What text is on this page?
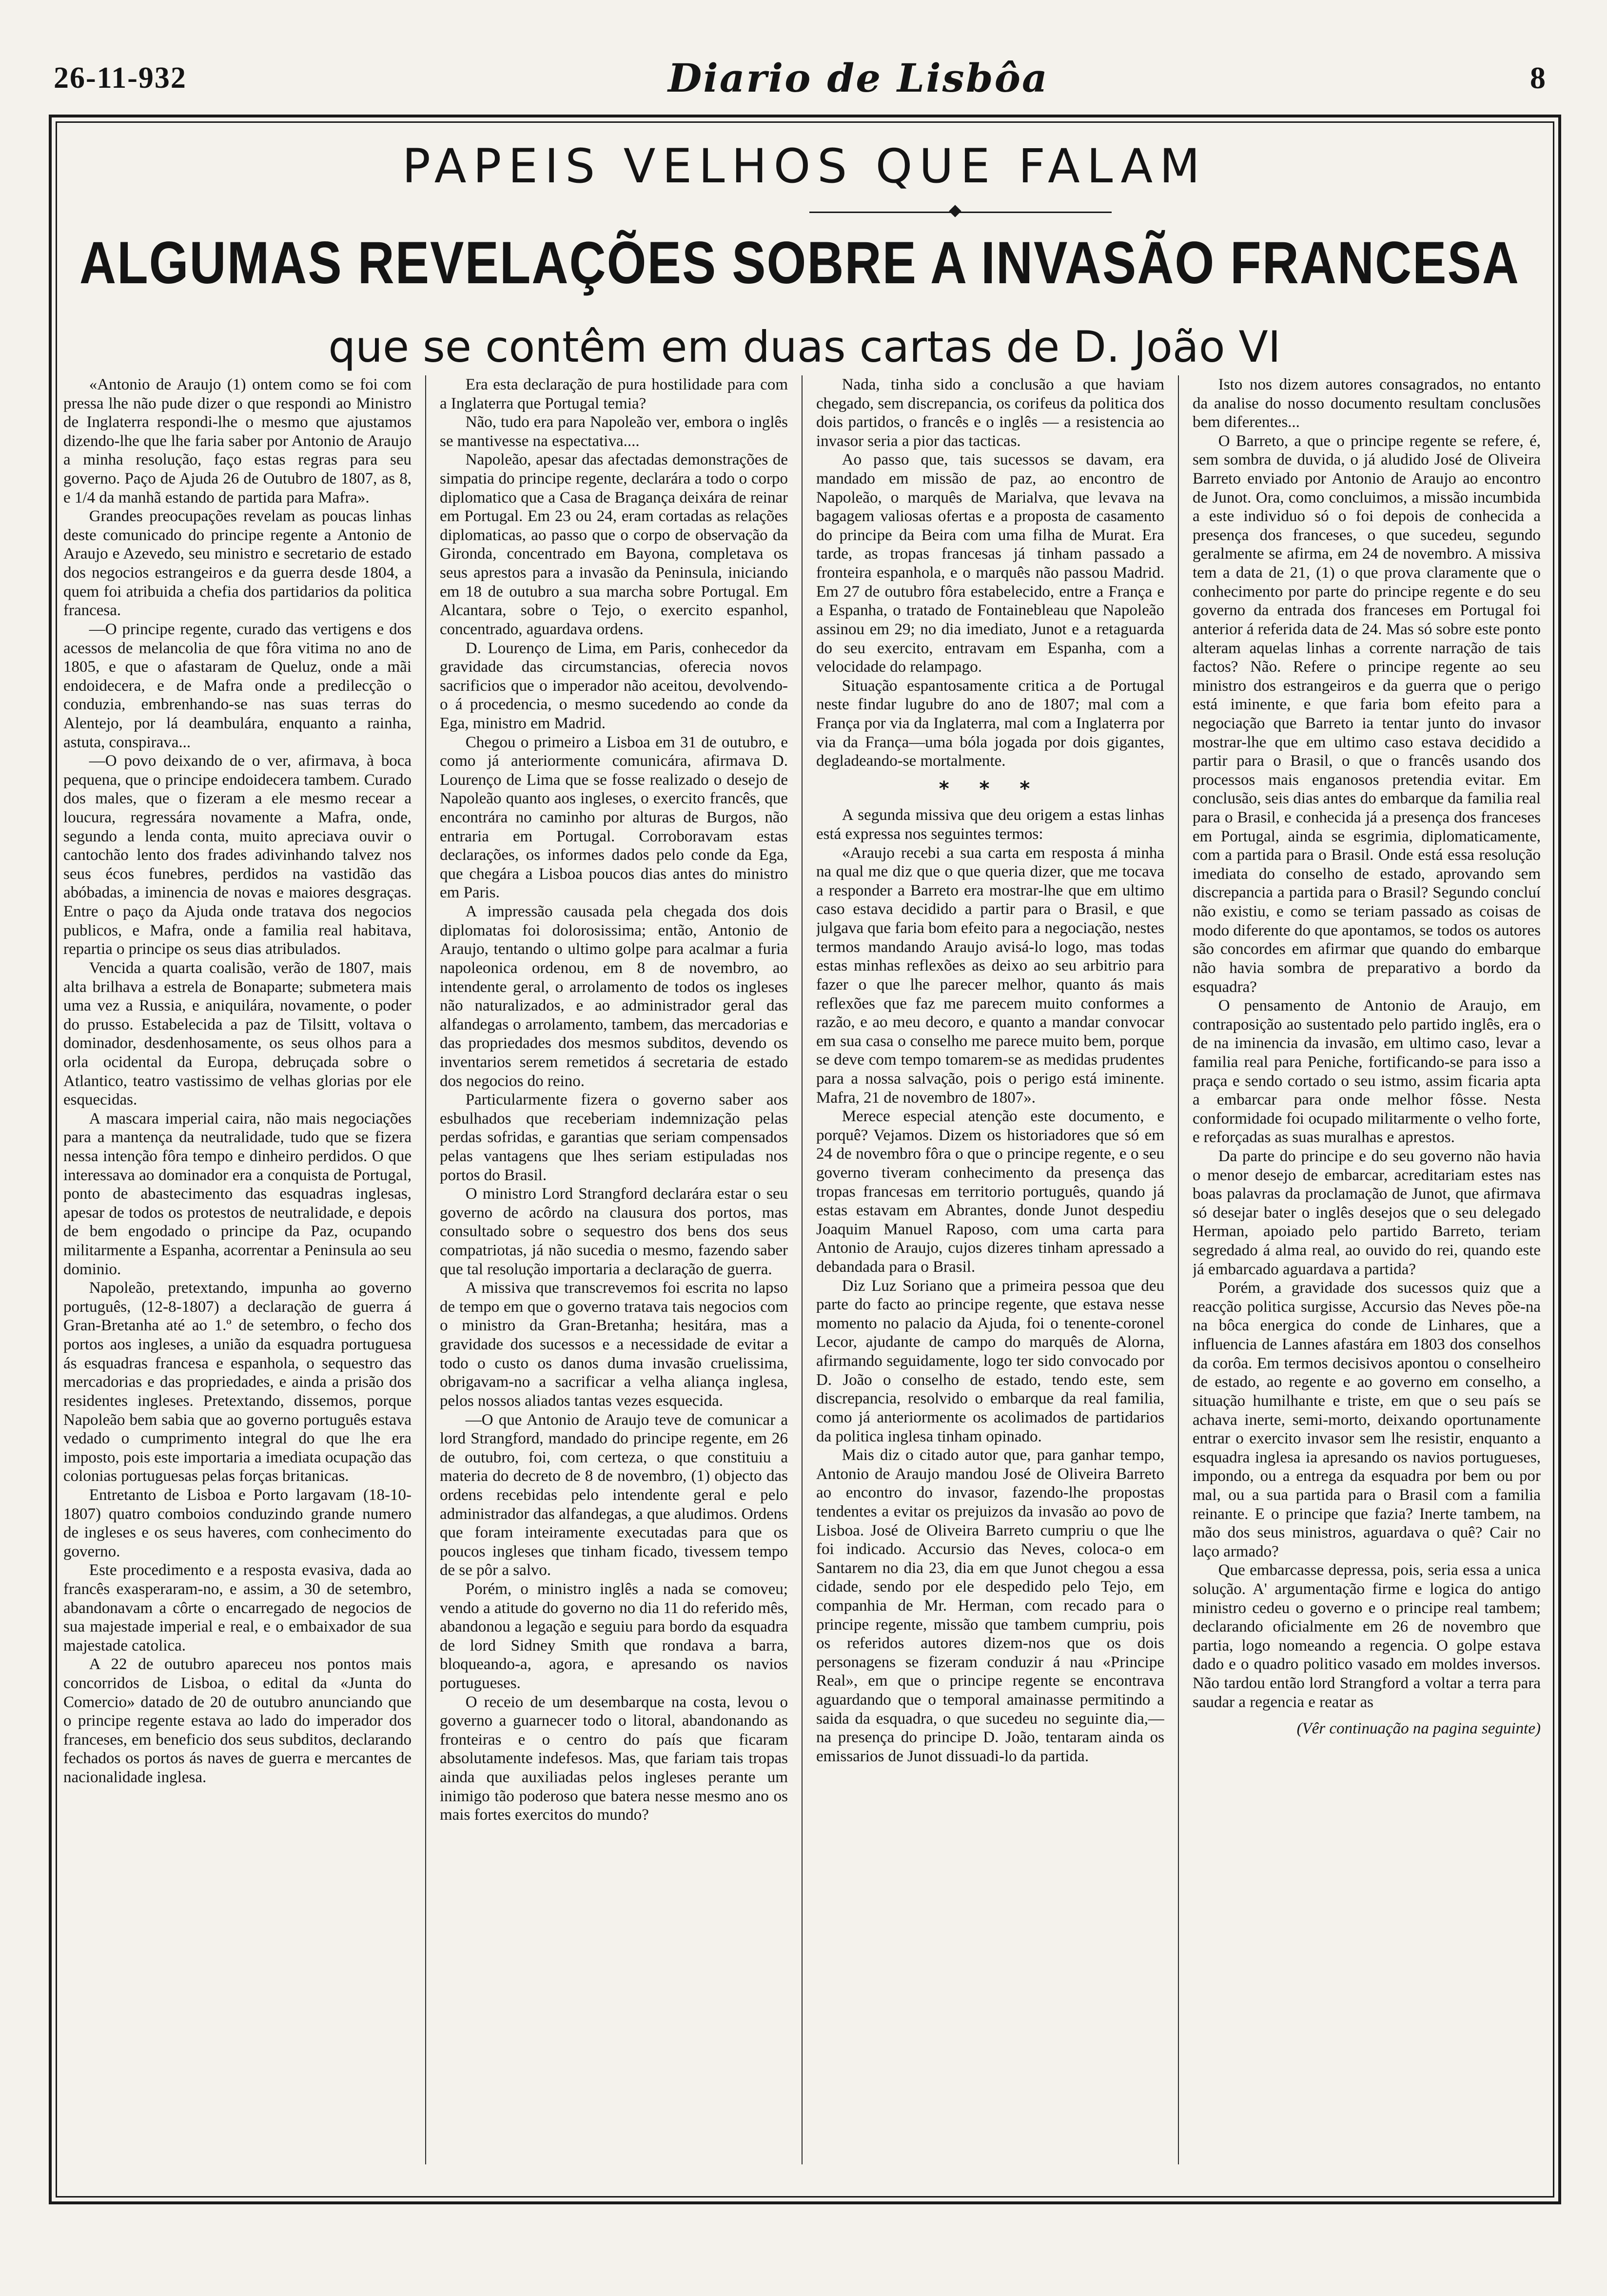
26-11-932	Diario de Lisbôa	8
PAPEIS VELHOS QUE FALAM
ALGUMAS REVELAÇÕES SOBRE A INVASÃO FRANCESA
que se contêm em duas cartas de D. João VI

«Antonio de Araujo (1) ontem como se foi com pressa lhe não pude dizer o que respondi ao Ministro de Inglaterra respondi-lhe o mesmo que ajustamos dizendo-lhe que lhe faria saber por Antonio de Araujo a minha resolução, faço estas regras para seu governo. Paço de Ajuda 26 de Outubro de 1807, as 8, e 1/4 da manhã estando de partida para Mafra».

Grandes preocupações revelam as poucas linhas deste comunicado do principe regente a Antonio de Araujo e Azevedo, seu ministro e secretario de estado dos negocios estrangeiros e da guerra desde 1804, a quem foi atribuida a chefia dos partidarios da politica francesa.

—O principe regente, curado das vertigens e dos acessos de melancolia de que fôra vitima no ano de 1805, e que o afastaram de Queluz, onde a mãi endoidecera, e de Mafra onde a predilecção o conduzia, embrenhando-se nas suas terras do Alentejo, por lá deambulára, enquanto a rainha, astuta, conspirava...

—O povo deixando de o ver, afirmava, à boca pequena, que o principe endoidecera tambem. Curado dos males, que o fizeram a ele mesmo recear a loucura, regressára novamente a Mafra, onde, segundo a lenda conta, muito apreciava ouvir o cantochão lento dos frades adivinhando talvez nos seus écos funebres, perdidos na vastidão das abóbadas, a iminencia de novas e maiores desgraças. Entre o paço da Ajuda onde tratava dos negocios publicos, e Mafra, onde a familia real habitava, repartia o principe os seus dias atribulados.

Vencida a quarta coalisão, verão de 1807, mais alta brilhava a estrela de Bonaparte; submetera mais uma vez a Russia, e aniquilára, novamente, o poder do prusso. Estabelecida a paz de Tilsitt, voltava o dominador, desdenhosamente, os seus olhos para a orla ocidental da Europa, debruçada sobre o Atlantico, teatro vastissimo de velhas glorias por ele esquecidas.

A mascara imperial caira, não mais negociações para a mantença da neutralidade, tudo que se fizera nessa intenção fôra tempo e dinheiro perdidos. O que interessava ao dominador era a conquista de Portugal, ponto de abastecimento das esquadras inglesas, apesar de todos os protestos de neutralidade, e depois de bem engodado o principe da Paz, ocupando militarmente a Espanha, acorrentar a Peninsula ao seu dominio.

Napoleão, pretextando, impunha ao governo português, (12-8-1807) a declaração de guerra á Gran-Bretanha até ao 1.º de setembro, o fecho dos portos aos ingleses, a união da esquadra portuguesa ás esquadras francesa e espanhola, o sequestro das mercadorias e das propriedades, e ainda a prisão dos residentes ingleses. Pretextando, dissemos, porque Napoleão bem sabia que ao governo português estava vedado o cumprimento integral do que lhe era imposto, pois este importaria a imediata ocupação das colonias portuguesas pelas forças britanicas.

Entretanto de Lisboa e Porto largavam (18-10-1807) quatro comboios conduzindo grande numero de ingleses e os seus haveres, com conhecimento do governo.

Este procedimento e a resposta evasiva, dada ao francês exasperaram-no, e assim, a 30 de setembro, abandonavam a côrte o encarregado de negocios de sua majestade imperial e real, e o embaixador de sua majestade catolica.

A 22 de outubro apareceu nos pontos mais concorridos de Lisboa, o edital da «Junta do Comercio» datado de 20 de outubro anunciando que o principe regente estava ao lado do imperador dos franceses, em beneficio dos seus subditos, declarando fechados os portos ás naves de guerra e mercantes de nacionalidade inglesa.

Era esta declaração de pura hostilidade para com a Inglaterra que Portugal temia?

Não, tudo era para Napoleão ver, embora o inglês se mantivesse na espectativa....

Napoleão, apesar das afectadas demonstrações de simpatia do principe regente, declarára a todo o corpo diplomatico que a Casa de Bragança deixára de reinar em Portugal. Em 23 ou 24, eram cortadas as relações diplomaticas, ao passo que o corpo de observação da Gironda, concentrado em Bayona, completava os seus aprestos para a invasão da Peninsula, iniciando em 18 de outubro a sua marcha sobre Portugal. Em Alcantara, sobre o Tejo, o exercito espanhol, concentrado, aguardava ordens.

D. Lourenço de Lima, em Paris, conhecedor da gravidade das circumstancias, oferecia novos sacrificios que o imperador não aceitou, devolvendo-o á procedencia, o mesmo sucedendo ao conde da Ega, ministro em Madrid.

Chegou o primeiro a Lisboa em 31 de outubro, e como já anteriormente comunicára, afirmava D. Lourenço de Lima que se fosse realizado o desejo de Napoleão quanto aos ingleses, o exercito francês, que encontrára no caminho por alturas de Burgos, não entraria em Portugal. Corroboravam estas declarações, os informes dados pelo conde da Ega, que chegára a Lisboa poucos dias antes do ministro em Paris.

A impressão causada pela chegada dos dois diplomatas foi dolorosissima; então, Antonio de Araujo, tentando o ultimo golpe para acalmar a furia napoleonica ordenou, em 8 de novembro, ao intendente geral, o arrolamento de todos os ingleses não naturalizados, e ao administrador geral das alfandegas o arrolamento, tambem, das mercadorias e das propriedades dos mesmos subditos, devendo os inventarios serem remetidos á secretaria de estado dos negocios do reino.

Particularmente fizera o governo saber aos esbulhados que receberiam indemnização pelas perdas sofridas, e garantias que seriam compensados pelas vantagens que lhes seriam estipuladas nos portos do Brasil.

O ministro Lord Strangford declarára estar o seu governo de acôrdo na clausura dos portos, mas consultado sobre o sequestro dos bens dos seus compatriotas, já não sucedia o mesmo, fazendo saber que tal resolução importaria a declaração de guerra.

A missiva que transcrevemos foi escrita no lapso de tempo em que o governo tratava tais negocios com o ministro da Gran-Bretanha; hesitára, mas a gravidade dos sucessos e a necessidade de evitar a todo o custo os danos duma invasão cruelissima, obrigavam-no a sacrificar a velha aliança inglesa, pelos nossos aliados tantas vezes esquecida.

—O que Antonio de Araujo teve de comunicar a lord Strangford, mandado do principe regente, em 26 de outubro, foi, com certeza, o que constituiu a materia do decreto de 8 de novembro, (1) objecto das ordens recebidas pelo intendente geral e pelo administrador das alfandegas, a que aludimos. Ordens que foram inteiramente executadas para que os poucos ingleses que tinham ficado, tivessem tempo de se pôr a salvo.

Porém, o ministro inglês a nada se comoveu; vendo a atitude do governo no dia 11 do referido mês, abandonou a legação e seguiu para bordo da esquadra de lord Sidney Smith que rondava a barra, bloqueando-a, agora, e apresando os navios portugueses.

O receio de um desembarque na costa, levou o governo a guarnecer todo o litoral, abandonando as fronteiras e o centro do país que ficaram absolutamente indefesos. Mas, que fariam tais tropas ainda que auxiliadas pelos ingleses perante um inimigo tão poderoso que batera nesse mesmo ano os mais fortes exercitos do mundo?

Nada, tinha sido a conclusão a que haviam chegado, sem discrepancia, os corifeus da politica dos dois partidos, o francês e o inglês — a resistencia ao invasor seria a pior das tacticas.

Ao passo que, tais sucessos se davam, era mandado em missão de paz, ao encontro de Napoleão, o marquês de Marialva, que levava na bagagem valiosas ofertas e a proposta de casamento do principe da Beira com uma filha de Murat. Era tarde, as tropas francesas já tinham passado a fronteira espanhola, e o marquês não passou Madrid. Em 27 de outubro fôra estabelecido, entre a França e a Espanha, o tratado de Fontainebleau que Napoleão assinou em 29; no dia imediato, Junot e a retaguarda do seu exercito, entravam em Espanha, com a velocidade do relampago.

Situação espantosamente critica a de Portugal neste findar lugubre do ano de 1807; mal com a França por via da Inglaterra, mal com a Inglaterra por via da França—uma bóla jogada por dois gigantes, degladeando-se mortalmente.

* * *

A segunda missiva que deu origem a estas linhas está expressa nos seguintes termos:

«Araujo recebi a sua carta em resposta á minha na qual me diz que o que queria dizer, que me tocava a responder a Barreto era mostrar-lhe que em ultimo caso estava decidido a partir para o Brasil, e que julgava que faria bom efeito para a negociação, nestes termos mandando Araujo avisá-lo logo, mas todas estas minhas reflexões as deixo ao seu arbitrio para fazer o que lhe parecer melhor, quanto ás mais reflexões que faz me parecem muito conformes a razão, e ao meu decoro, e quanto a mandar convocar em sua casa o conselho me parece muito bem, porque se deve com tempo tomarem-se as medidas prudentes para a nossa salvação, pois o perigo está iminente. Mafra, 21 de novembro de 1807».

Merece especial atenção este documento, e porquê? Vejamos. Dizem os historiadores que só em 24 de novembro fôra o que o principe regente, e o seu governo tiveram conhecimento da presença das tropas francesas em territorio português, quando já estas estavam em Abrantes, donde Junot despediu Joaquim Manuel Raposo, com uma carta para Antonio de Araujo, cujos dizeres tinham apressado a debandada para o Brasil.

Diz Luz Soriano que a primeira pessoa que deu parte do facto ao principe regente, que estava nesse momento no palacio da Ajuda, foi o tenente-coronel Lecor, ajudante de campo do marquês de Alorna, afirmando seguidamente, logo ter sido convocado por D. João o conselho de estado, tendo este, sem discrepancia, resolvido o embarque da real familia, como já anteriormente os acolimados de partidarios da politica inglesa tinham opinado.

Mais diz o citado autor que, para ganhar tempo, Antonio de Araujo mandou José de Oliveira Barreto ao encontro do invasor, fazendo-lhe propostas tendentes a evitar os prejuizos da invasão ao povo de Lisboa. José de Oliveira Barreto cumpriu o que lhe foi indicado. Accursio das Neves, coloca-o em Santarem no dia 23, dia em que Junot chegou a essa cidade, sendo por ele despedido pelo Tejo, em companhia de Mr. Herman, com recado para o principe regente, missão que tambem cumpriu, pois os referidos autores dizem-nos que os dois personagens se fizeram conduzir á nau «Principe Real», em que o principe regente se encontrava aguardando que o temporal amainasse permitindo a saida da esquadra, o que sucedeu no seguinte dia,—na presença do principe D. João, tentaram ainda os emissarios de Junot dissuadi-lo da partida.

Isto nos dizem autores consagrados, no entanto da analise do nosso documento resultam conclusões bem diferentes...

O Barreto, a que o principe regente se refere, é, sem sombra de duvida, o já aludido José de Oliveira Barreto enviado por Antonio de Araujo ao encontro de Junot. Ora, como concluimos, a missão incumbida a este individuo só o foi depois de conhecida a presença dos franceses, o que sucedeu, segundo geralmente se afirma, em 24 de novembro. A missiva tem a data de 21, (1) o que prova claramente que o conhecimento por parte do principe regente e do seu governo da entrada dos franceses em Portugal foi anterior á referida data de 24. Mas só sobre este ponto alteram aquelas linhas a corrente narração de tais factos? Não. Refere o principe regente ao seu ministro dos estrangeiros e da guerra que o perigo está iminente, e que faria bom efeito para a negociação que Barreto ia tentar junto do invasor mostrar-lhe que em ultimo caso estava decidido a partir para o Brasil, o que o francês usando dos processos mais enganosos pretendia evitar. Em conclusão, seis dias antes do embarque da familia real para o Brasil, e conhecida já a presença dos franceses em Portugal, ainda se esgrimia, diplomaticamente, com a partida para o Brasil. Onde está essa resolução imediata do conselho de estado, aprovando sem discrepancia a partida para o Brasil? Segundo concluí não existiu, e como se teriam passado as coisas de modo diferente do que apontamos, se todos os autores são concordes em afirmar que quando do embarque não havia sombra de preparativo a bordo da esquadra?

O pensamento de Antonio de Araujo, em contraposição ao sustentado pelo partido inglês, era o de na iminencia da invasão, em ultimo caso, levar a familia real para Peniche, fortificando-se para isso a praça e sendo cortado o seu istmo, assim ficaria apta a embarcar para onde melhor fôsse. Nesta conformidade foi ocupado militarmente o velho forte, e reforçadas as suas muralhas e aprestos.

Da parte do principe e do seu governo não havia o menor desejo de embarcar, acreditariam estes nas boas palavras da proclamação de Junot, que afirmava só desejar bater o inglês desejos que o seu delegado Herman, apoiado pelo partido Barreto, teriam segredado á alma real, ao ouvido do rei, quando este já embarcado aguardava a partida?

Porém, a gravidade dos sucessos quiz que a reacção politica surgisse, Accursio das Neves põe-na na bôca energica do conde de Linhares, que a influencia de Lannes afastára em 1803 dos conselhos da corôa. Em termos decisivos apontou o conselheiro de estado, ao regente e ao governo em conselho, a situação humilhante e triste, em que o seu país se achava inerte, semi-morto, deixando oportunamente entrar o exercito invasor sem lhe resistir, enquanto a esquadra inglesa ia apresando os navios portugueses, impondo, ou a entrega da esquadra por bem ou por mal, ou a sua partida para o Brasil com a familia reinante. E o principe que fazia? Inerte tambem, na mão dos seus ministros, aguardava o quê? Cair no laço armado?

Que embarcasse depressa, pois, seria essa a unica solução. A' argumentação firme e logica do antigo ministro cedeu o governo e o principe real tambem; declarando oficialmente em 26 de novembro que partia, logo nomeando a regencia. O golpe estava dado e o quadro politico vasado em moldes inversos. Não tardou então lord Strangford a voltar a terra para saudar a regencia e reatar as

(Vêr continuação na pagina seguinte)
